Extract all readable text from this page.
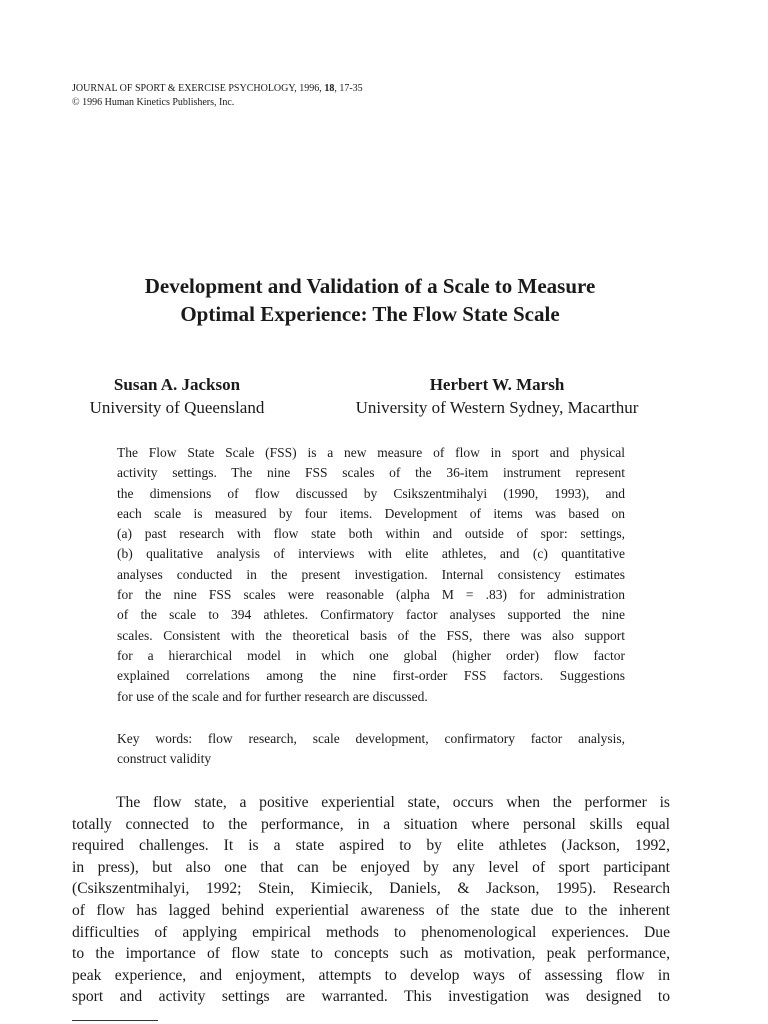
JOURNAL OF SPORT & EXERCISE PSYCHOLOGY, 1996, 18, 17-35
© 1996 Human Kinetics Publishers, Inc.
Development and Validation of a Scale to Measure
Optimal Experience: The Flow State Scale
Susan A. Jackson
University of Queensland
Herbert W. Marsh
University of Western Sydney, Macarthur
The Flow State Scale (FSS) is a new measure of flow in sport and physical
activity settings. The nine FSS scales of the 36-item instrument represent
the dimensions of flow discussed by Csikszentmihalyi (1990, 1993), and
each scale is measured by four items. Development of items was based on
(a) past research with flow state both within and outside of spor: settings,
(b) qualitative analysis of interviews with elite athletes, and (c) quantitative
analyses conducted in the present investigation. Internal consistency estimates
for the nine FSS scales were reasonable (alpha M = .83) for administration
of the scale to 394 athletes. Confirmatory factor analyses supported the nine
scales. Consistent with the theoretical basis of the FSS, there was also support
for a hierarchical model in which one global (higher order) flow factor
explained correlations among the nine first-order FSS factors. Suggestions
for use of the scale and for further research are discussed.
Key words: flow research, scale development, confirmatory factor analysis,
construct validity
The flow state, a positive experiential state, occurs when the performer is
totally connected to the performance, in a situation where personal skills equal
required challenges. It is a state aspired to by elite athletes (Jackson, 1992,
in press), but also one that can be enjoyed by any level of sport participant
(Csikszentmihalyi, 1992; Stein, Kimiecik, Daniels, & Jackson, 1995). Research
of flow has lagged behind experiential awareness of the state due to the inherent
difficulties of applying empirical methods to phenomenological experiences. Due
to the importance of flow state to concepts such as motivation, peak performance,
peak experience, and enjoyment, attempts to develop ways of assessing flow in
sport and activity settings are warranted. This investigation was designed to
